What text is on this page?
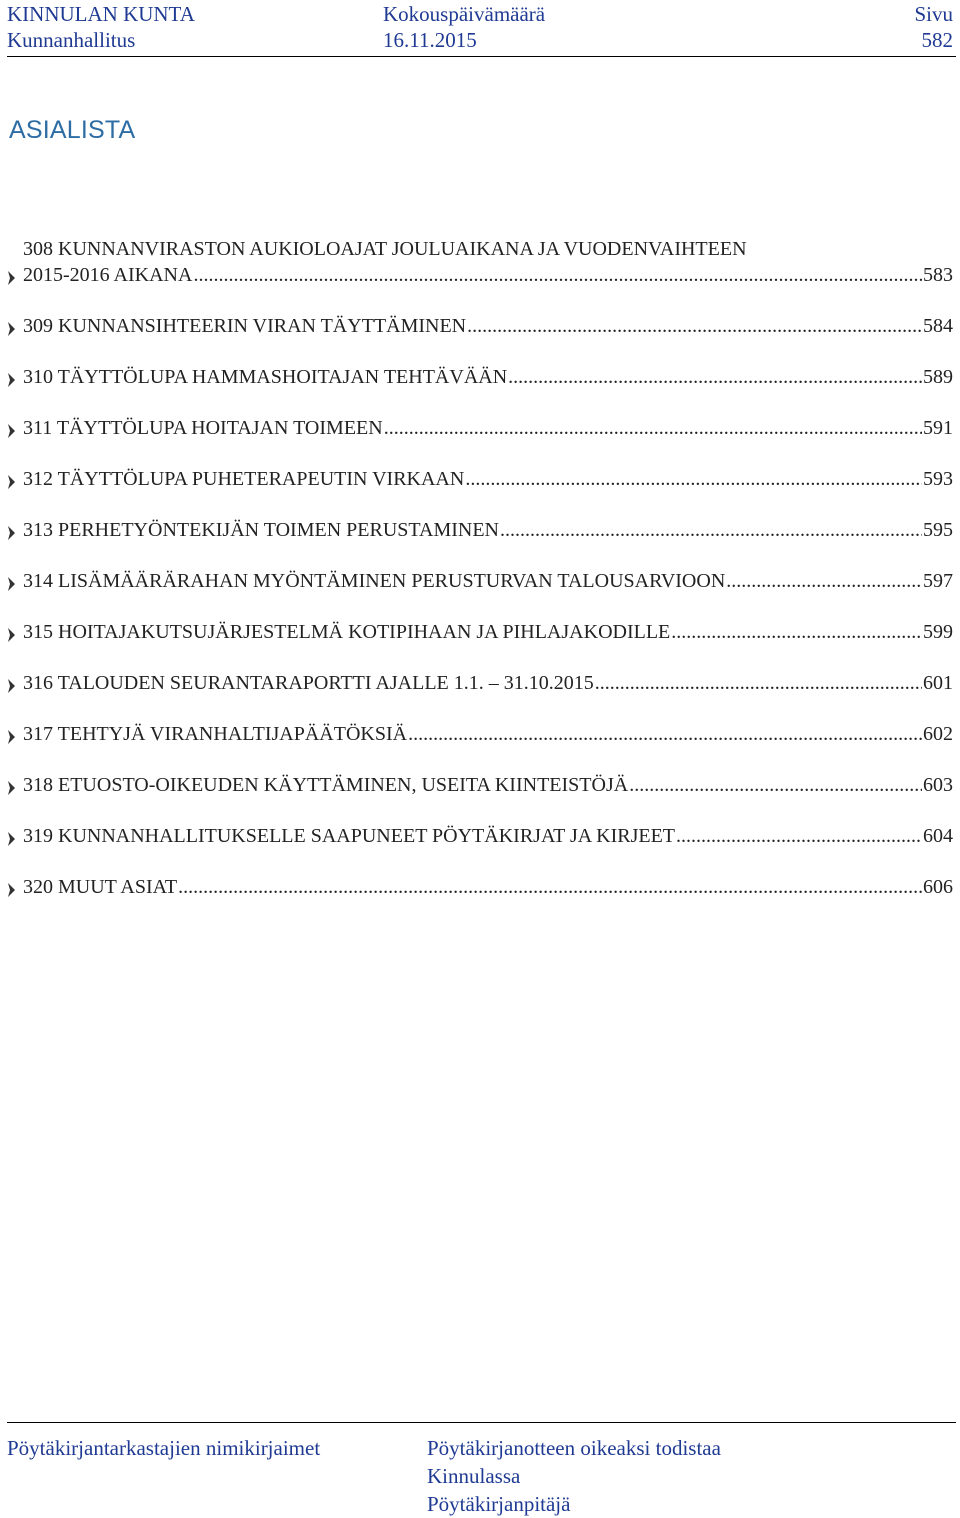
KINNULAN KUNTA	Kokouspäivämäärä	Sivu
Kunnanhallitus	16.11.2015	582
ASIALISTA
308 KUNNANVIRASTON AUKIOLOAJAT JOULUAIKANA JA VUODENVAIHTEEN
2015-2016 AIKANA .....	583
309 KUNNANSIHTEERIN VIRAN TÄYTTÄMINEN .....	584
310 TÄYTTÖLUPA HAMMASHOITAJAN TEHTÄVÄÄN .....	589
311 TÄYTTÖLUPA HOITAJAN TOIMEEN .....	591
312 TÄYTTÖLUPA PUHETERAPEUTIN VIRKAAN .....	593
313 PERHETYÖNTEKIJÄN TOIMEN PERUSTAMINEN .....	595
314 LISÄMÄÄRÄRAHAN MYÖNTÄMINEN PERUSTURVAN TALOUSARVIOON .....	597
315 HOITAJAKUTSUJÄRJESTELMÄ KOTIPIHAAN JA PIHLAJAKODILLE .....	599
316 TALOUDEN SEURANTARAPORTTI AJALLE 1.1. – 31.10.2015 .....	601
317 TEHTYJÄ VIRANHALTIJAPÄÄTÖKSIÄ .....	602
318 ETUOSTO-OIKEUDEN KÄYTTÄMINEN, USEITA KIINTEISTÖJÄ .....	603
319 KUNNANHALLITUKSELLE SAAPUNEET PÖYTÄKIRJAT JA KIRJEET .....	604
320 MUUT ASIAT .....	606
Pöytäkirjantarkastajien nimikirjaimet	Pöytäkirjanotteen oikeaksi todistaa
Kinnulassa
Pöytäkirjanpitäjä
